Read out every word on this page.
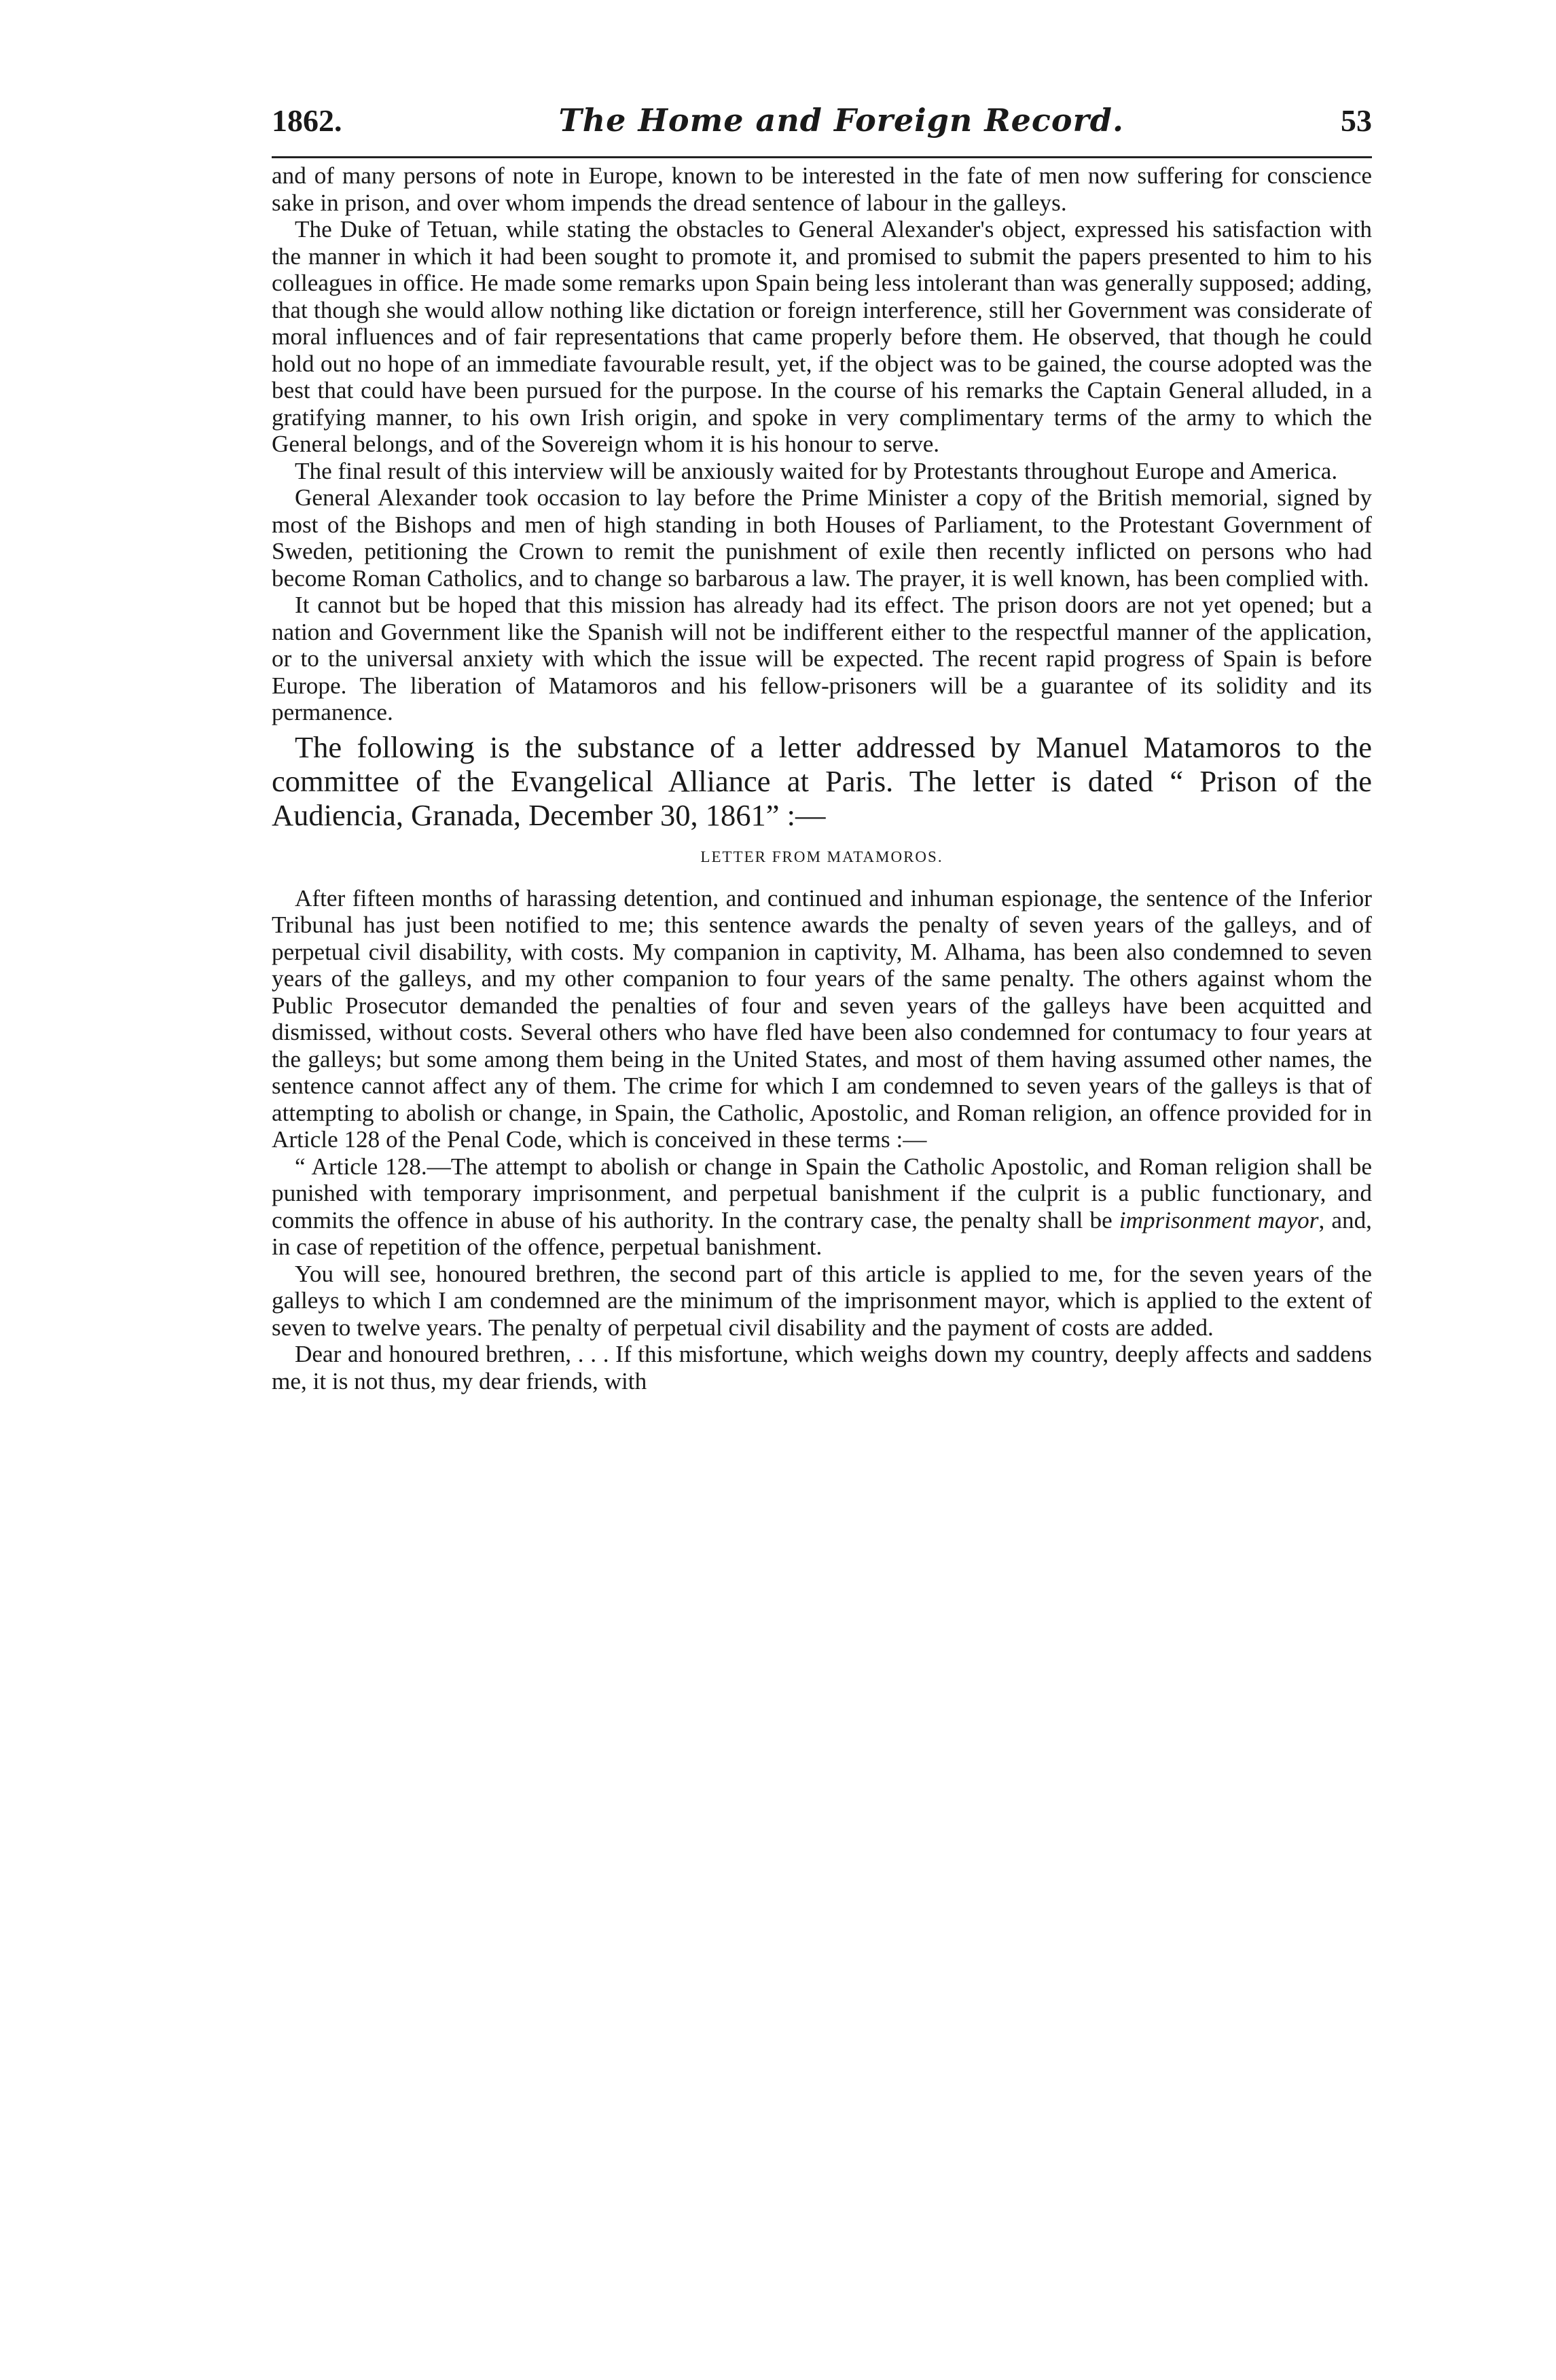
1862.	The Home and Foreign Record.	53

and of many persons of note in Europe, known to be interested in the fate of men now suffering for conscience sake in prison, and over whom impends the dread sentence of labour in the galleys.

The Duke of Tetuan, while stating the obstacles to General Alexander's object, expressed his satisfaction with the manner in which it had been sought to promote it, and promised to submit the papers presented to him to his colleagues in office. He made some remarks upon Spain being less intolerant than was generally supposed; adding, that though she would allow nothing like dictation or foreign interference, still her Government was considerate of moral influences and of fair representations that came properly before them. He observed, that though he could hold out no hope of an immediate favourable result, yet, if the object was to be gained, the course adopted was the best that could have been pursued for the purpose. In the course of his remarks the Captain General alluded, in a gratifying manner, to his own Irish origin, and spoke in very complimentary terms of the army to which the General belongs, and of the Sovereign whom it is his honour to serve.

The final result of this interview will be anxiously waited for by Protestants throughout Europe and America.

General Alexander took occasion to lay before the Prime Minister a copy of the British memorial, signed by most of the Bishops and men of high standing in both Houses of Parliament, to the Protestant Government of Sweden, petitioning the Crown to remit the punishment of exile then recently inflicted on persons who had become Roman Catholics, and to change so barbarous a law. The prayer, it is well known, has been complied with.

It cannot but be hoped that this mission has already had its effect. The prison doors are not yet opened; but a nation and Government like the Spanish will not be indifferent either to the respectful manner of the application, or to the universal anxiety with which the issue will be expected. The recent rapid progress of Spain is before Europe. The liberation of Matamoros and his fellow-prisoners will be a guarantee of its solidity and its permanence.

The following is the substance of a letter addressed by Manuel Matamoros to the committee of the Evangelical Alliance at Paris. The letter is dated “ Prison of the Audiencia, Granada, December 30, 1861” :—

LETTER FROM MATAMOROS.

After fifteen months of harassing detention, and continued and inhuman espionage, the sentence of the Inferior Tribunal has just been notified to me; this sentence awards the penalty of seven years of the galleys, and of perpetual civil disability, with costs. My companion in captivity, M. Alhama, has been also condemned to seven years of the galleys, and my other companion to four years of the same penalty. The others against whom the Public Prosecutor demanded the penalties of four and seven years of the galleys have been acquitted and dismissed, without costs. Several others who have fled have been also condemned for contumacy to four years at the galleys; but some among them being in the United States, and most of them having assumed other names, the sentence cannot affect any of them. The crime for which I am condemned to seven years of the galleys is that of attempting to abolish or change, in Spain, the Catholic, Apostolic, and Roman religion, an offence provided for in Article 128 of the Penal Code, which is conceived in these terms :—

“ Article 128.—The attempt to abolish or change in Spain the Catholic Apostolic, and Roman religion shall be punished with temporary imprisonment, and perpetual banishment if the culprit is a public functionary, and commits the offence in abuse of his authority. In the contrary case, the penalty shall be imprisonment mayor, and, in case of repetition of the offence, perpetual banishment.

You will see, honoured brethren, the second part of this article is applied to me, for the seven years of the galleys to which I am condemned are the minimum of the imprisonment mayor, which is applied to the extent of seven to twelve years. The penalty of perpetual civil disability and the payment of costs are added.

Dear and honoured brethren, . . . If this misfortune, which weighs down my country, deeply affects and saddens me, it is not thus, my dear friends, with
